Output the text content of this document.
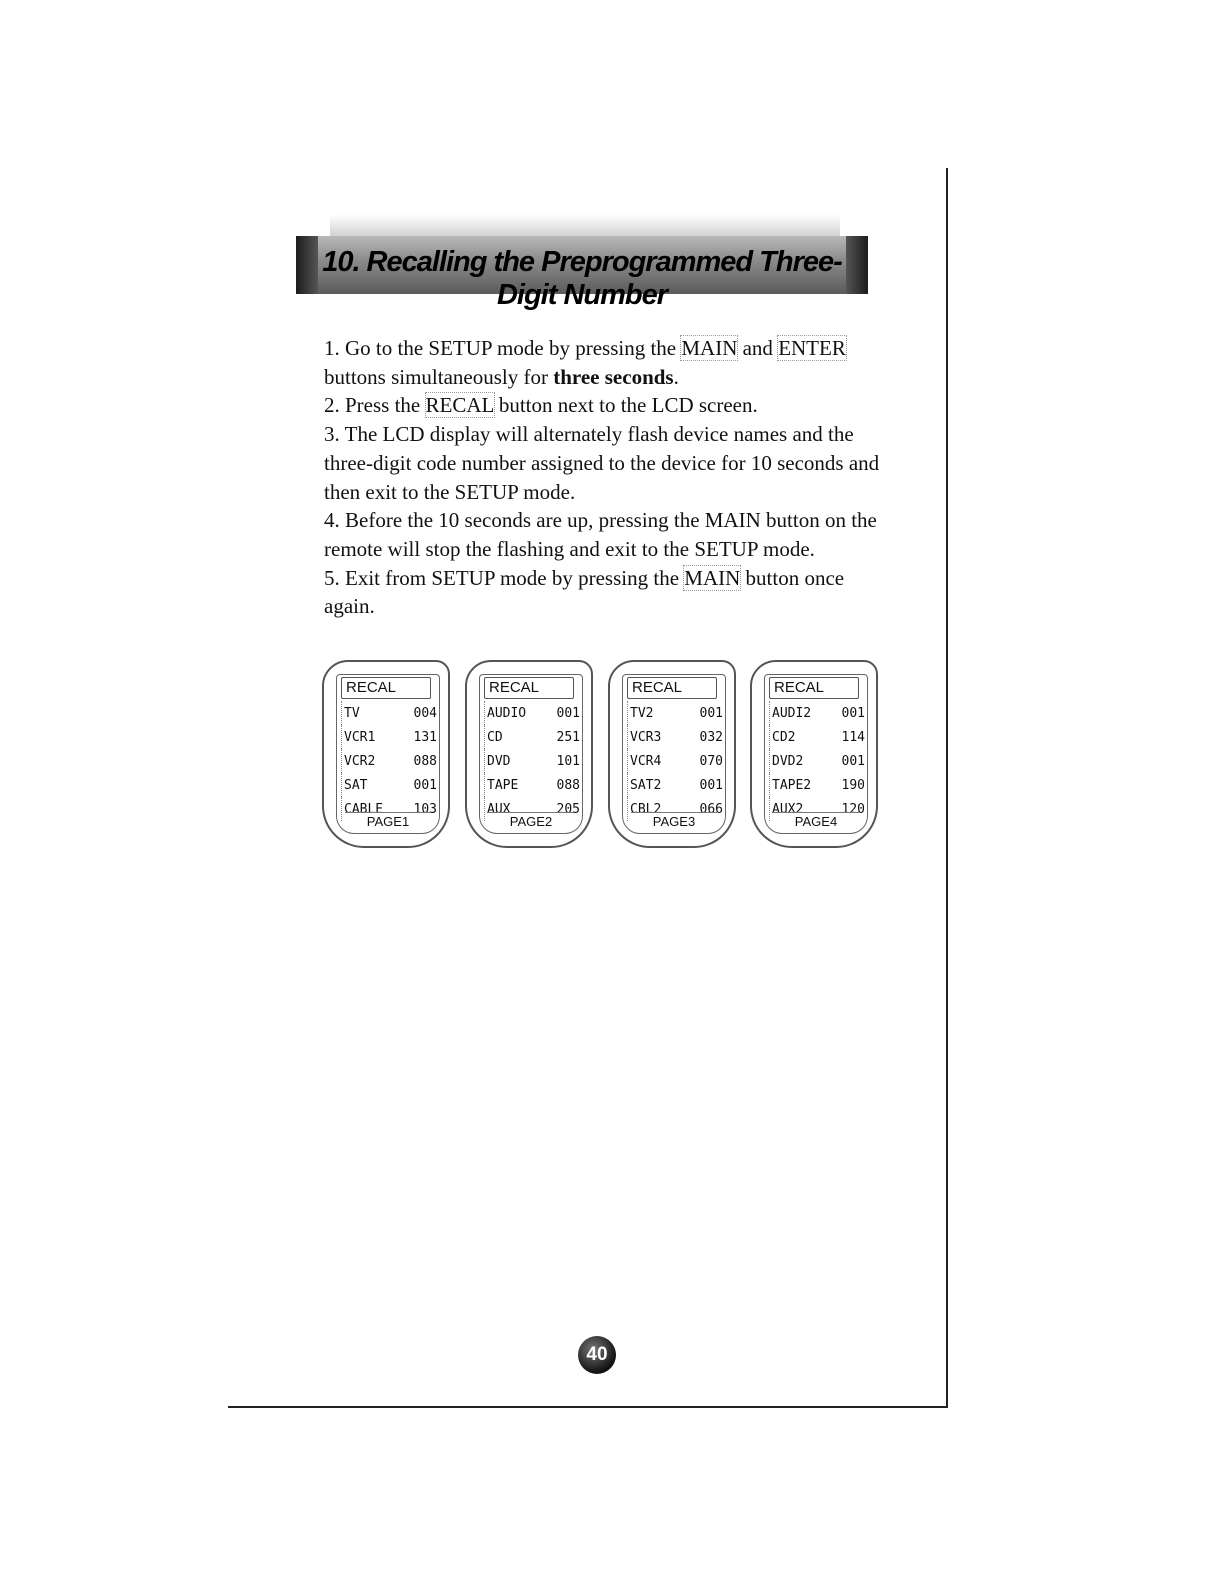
10. Recalling the Preprogrammed Three-Digit Number

1. Go to the SETUP mode by pressing the MAIN and ENTER buttons simultaneously for three seconds.

2. Press the RECAL button next to the LCD screen.

3. The LCD display will alternately flash device names and the three-digit code number assigned to the device for 10 seconds and then exit to the SETUP mode.

4. Before the 10 seconds are up, pressing the MAIN button on the remote will stop the flashing and exit to the SETUP mode.

5. Exit from SETUP mode by pressing the MAIN button once again.

RECAL
TV	004
VCR1	131
VCR2	088
SAT	001
CABLE 103
PAGE1
RECAL
AUDIO 001
CD	251
DVD	101
TAPE	088
AUX	205
PAGE2
RECAL
TV2	001
VCR3	032
VCR4	070
SAT2	001
CBL2	066
PAGE3
RECAL
AUDI2 001
CD2	114
DVD2	001
TAPE2 190
AUX2	120
PAGE4
40
